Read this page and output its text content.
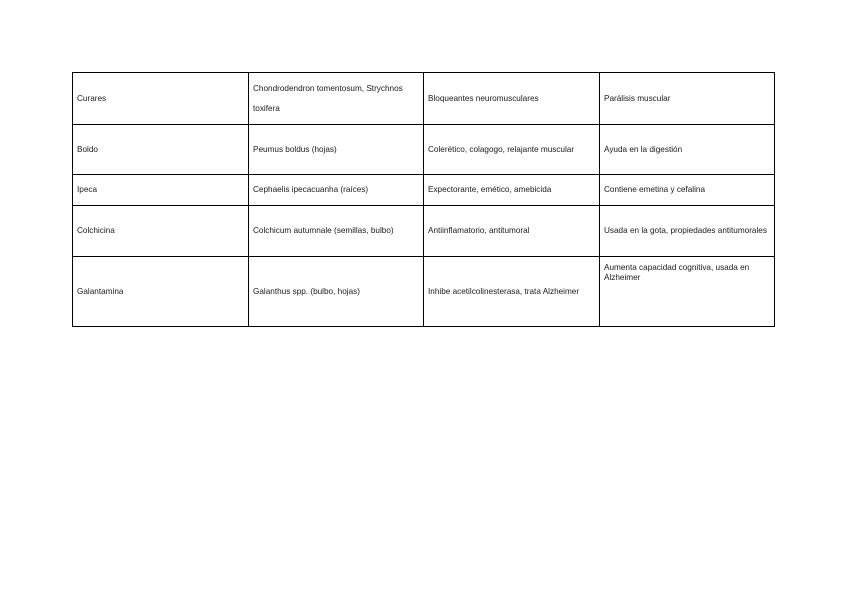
Curares	Chondrodendron tomentosum, Strychnos toxifera	Bloqueantes neuromusculares	Parálisis muscular
Boldo	Peumus boldus (hojas)	Colerético, colagogo, relajante muscular	Ayuda en la digestión
Ipeca	Cephaelis ipecacuanha (raíces)	Expectorante, emético, amebicida	Contiene emetina y cefalina
Colchicina	Colchicum autumnale (semillas, bulbo)	Antiinflamatorio, antitumoral	Usada en la gota, propiedades antitumorales
Galantamina	Galanthus spp. (bulbo, hojas)	Inhibe acetilcolinesterasa, trata Alzheimer	Aumenta capacidad cognitiva, usada en Alzheimer
